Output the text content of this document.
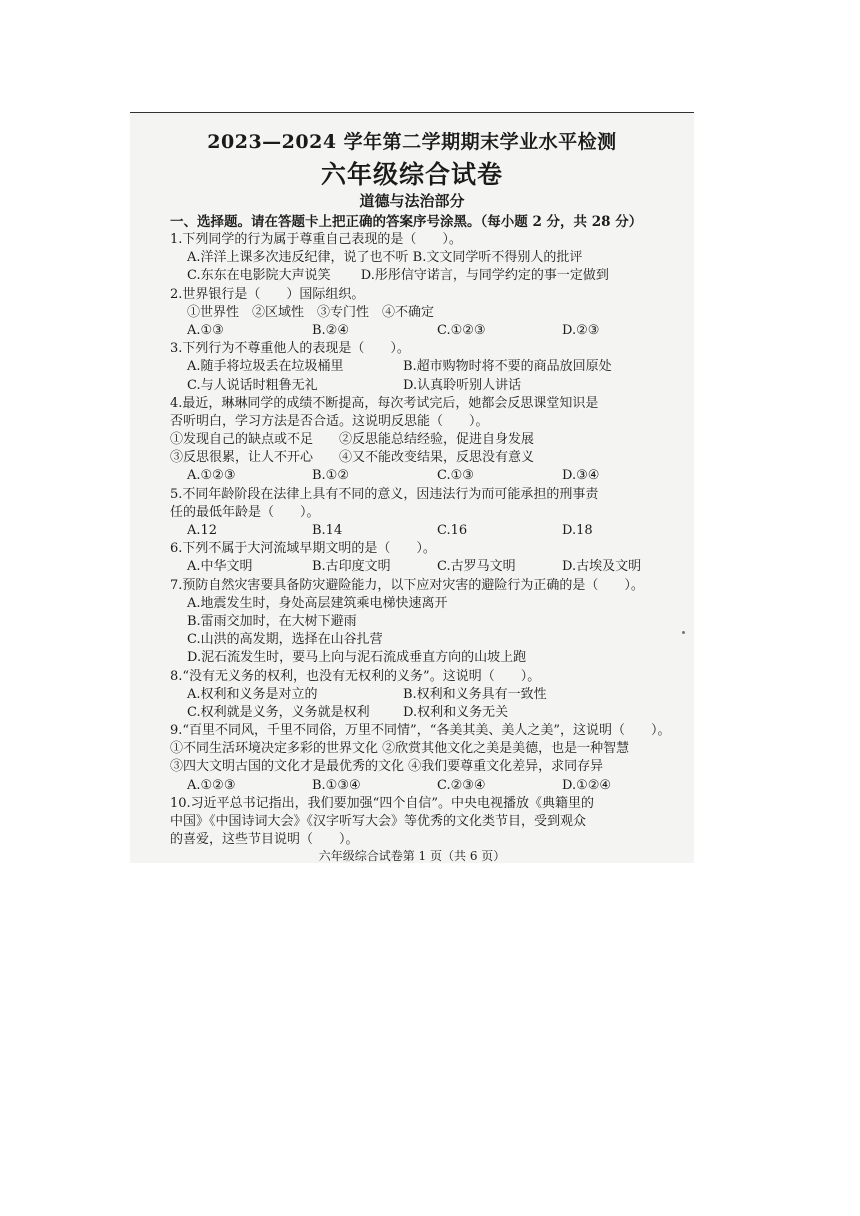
2023—2024 学年第二学期期末学业水平检测
六年级综合试卷
道德与法治部分
一、选择题。请在答题卡上把正确的答案序号涂黑。（每小题 2 分，共 28 分）
1.下列同学的行为属于尊重自己表现的是（　　）。
A.洋洋上课多次违反纪律，说了也不听 B.文文同学听不得别人的批评
C.东东在电影院大声说笑　　 D.彤彤信守诺言，与同学约定的事一定做到
2.世界银行是（　　）国际组织。
①世界性　②区域性　③专门性　④不确定
A.①③	B.②④	C.①②③	D.②③
3.下列行为不尊重他人的表现是（　　）。
A.随手将垃圾丢在垃圾桶里	B.超市购物时将不要的商品放回原处
C.与人说话时粗鲁无礼	D.认真聆听别人讲话
4.最近，琳琳同学的成绩不断提高，每次考试完后，她都会反思课堂知识是
否听明白，学习方法是否合适。这说明反思能（　　）。
①发现自己的缺点或不足　　②反思能总结经验，促进自身发展
③反思很累，让人不开心　　④又不能改变结果，反思没有意义
A.①②③	B.①②	C.①③	D.③④
5.不同年龄阶段在法律上具有不同的意义，因违法行为而可能承担的刑事责
任的最低年龄是（　　）。
A.12	B.14	C.16	D.18
6.下列不属于大河流域早期文明的是（　　）。
A.中华文明	B.古印度文明	C.古罗马文明	D.古埃及文明
7.预防自然灾害要具备防灾避险能力，以下应对灾害的避险行为正确的是（　　）。
A.地震发生时，身处高层建筑乘电梯快速离开
B.雷雨交加时，在大树下避雨
C.山洪的高发期，选择在山谷扎营
D.泥石流发生时，要马上向与泥石流成垂直方向的山坡上跑
8.“没有无义务的权利，也没有无权利的义务”。这说明（　　）。
A.权利和义务是对立的	B.权利和义务具有一致性
C.权利就是义务，义务就是权利	D.权利和义务无关
9.“百里不同风，千里不同俗，万里不同情”，“各美其美、美人之美”，这说明（　　）。
①不同生活环境决定多彩的世界文化 ②欣赏其他文化之美是美德，也是一种智慧
③四大文明古国的文化才是最优秀的文化 ④我们要尊重文化差异，求同存异
A.①②③	B.①③④	C.②③④	D.①②④
10.习近平总书记指出，我们要加强“四个自信”。中央电视播放《典籍里的
中国》《中国诗词大会》《汉字听写大会》等优秀的文化类节目，受到观众
的喜爱，这些节目说明（　　）。
六年级综合试卷第 1 页（共 6 页）
